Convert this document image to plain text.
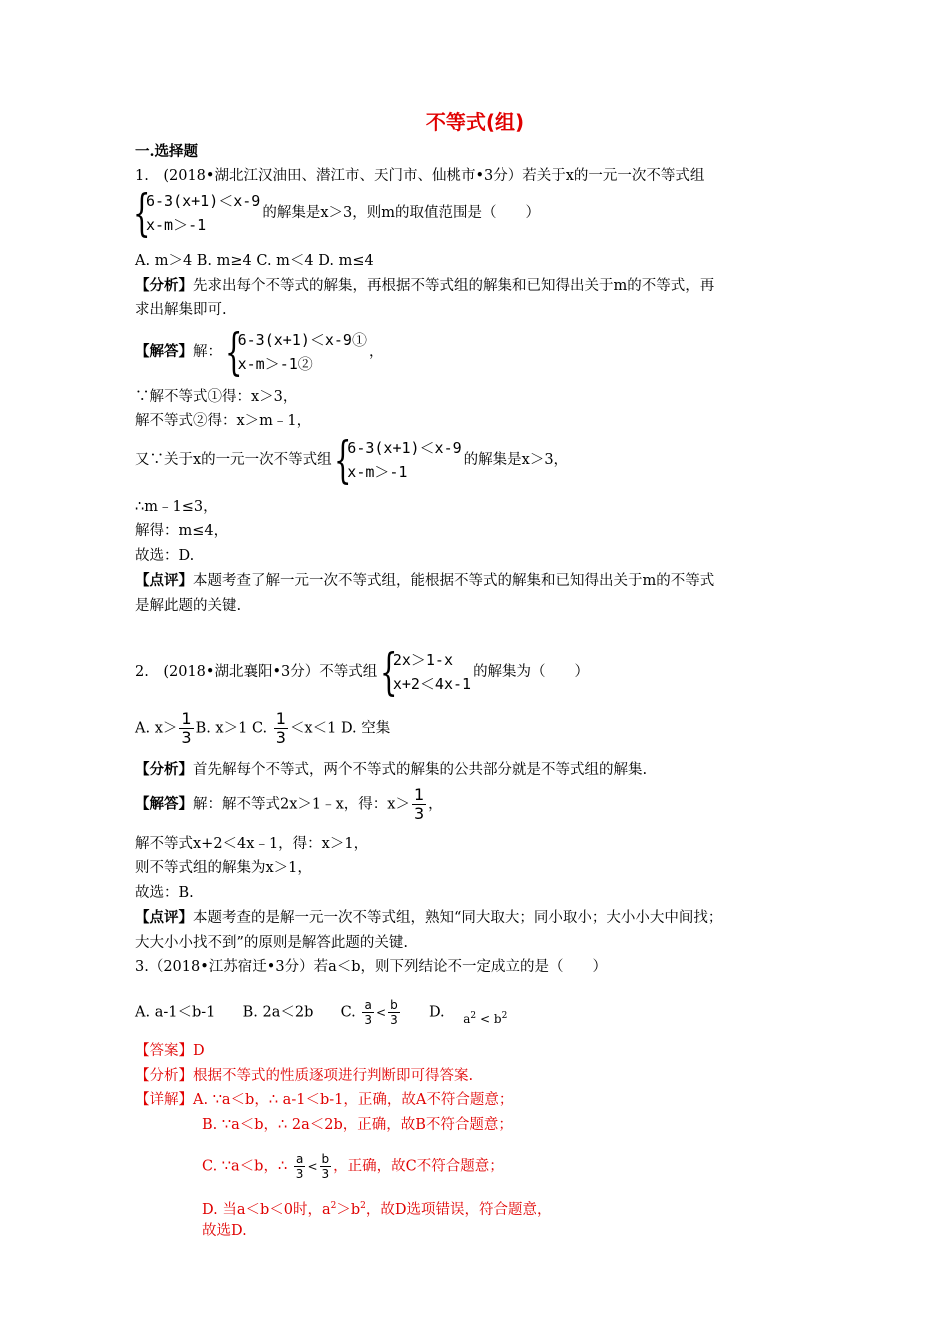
不等式(组)
一.选择题
1.　(2018•湖北江汉油田、潜江市、天门市、仙桃市•3分）若关于x的一元一次不等式组
{
6-3(x+1)＜x-9
x-m＞-1
的解集是x＞3，则m的取值范围是（　　）
A. m＞4 B. m≥4 C. m＜4 D. m≤4
【分析】先求出每个不等式的解集，再根据不等式组的解集和已知得出关于m的不等式，再
求出解集即可.
【解答】解： {
6-3(x+1)＜x-9①
x-m＞-1②
，
∵解不等式①得：x＞3，
解不等式②得：x＞m﹣1，
又∵关于x的一元一次不等式组 {
6-3(x+1)＜x-9
x-m＞-1
的解集是x＞3，
∴m﹣1≤3，
解得：m≤4，
故选：D.
【点评】本题考查了解一元一次不等式组，能根据不等式的解集和已知得出关于m的不等式
是解此题的关键.
2.　(2018•湖北襄阳•3分）不等式组 {
2x＞1-x
x+2＜4x-1
的解集为（　　）
A. $x> \frac{1}{3} B$. x＞1 C. $\frac{1}{3} <x<1$ D. 空集
【分析】首先解每个不等式，两个不等式的解集的公共部分就是不等式组的解集.
【解答】解：解不等式2x＞1﹣x，得：$x> \frac{1}{3}$ ，
解不等式x+2＜4x﹣1，得：x＞1，
则不等式组的解集为x＞1，
故选：B.
【点评】本题考查的是解一元一次不等式组，熟知“同大取大；同小取小；大小小大中间找；
大大小小找不到”的原则是解答此题的关键.
3.（2018•江苏宿迁•3分）若a＜b，则下列结论不一定成立的是（　　）
A. a-1＜b-1 B. 2a＜2b C. $\frac{a}{3} < \frac{b}{3} D$. $_{a^2 < b^2}$
【答案】D
【分析】根据不等式的性质逐项进行判断即可得答案.
【详解】A. ∵a＜b，∴ a-1＜b-1，正确，故A不符合题意；
B. ∵a＜b，∴ 2a＜2b，正确，故B不符合题意；
C. ∵a＜b，∴ $\frac{a}{3} < \frac{b}{3}$ ，正确，故C不符合题意；
D. 当a＜b＜0时，$a^2>b^2$，故D选项错误，符合题意，
故选D.
